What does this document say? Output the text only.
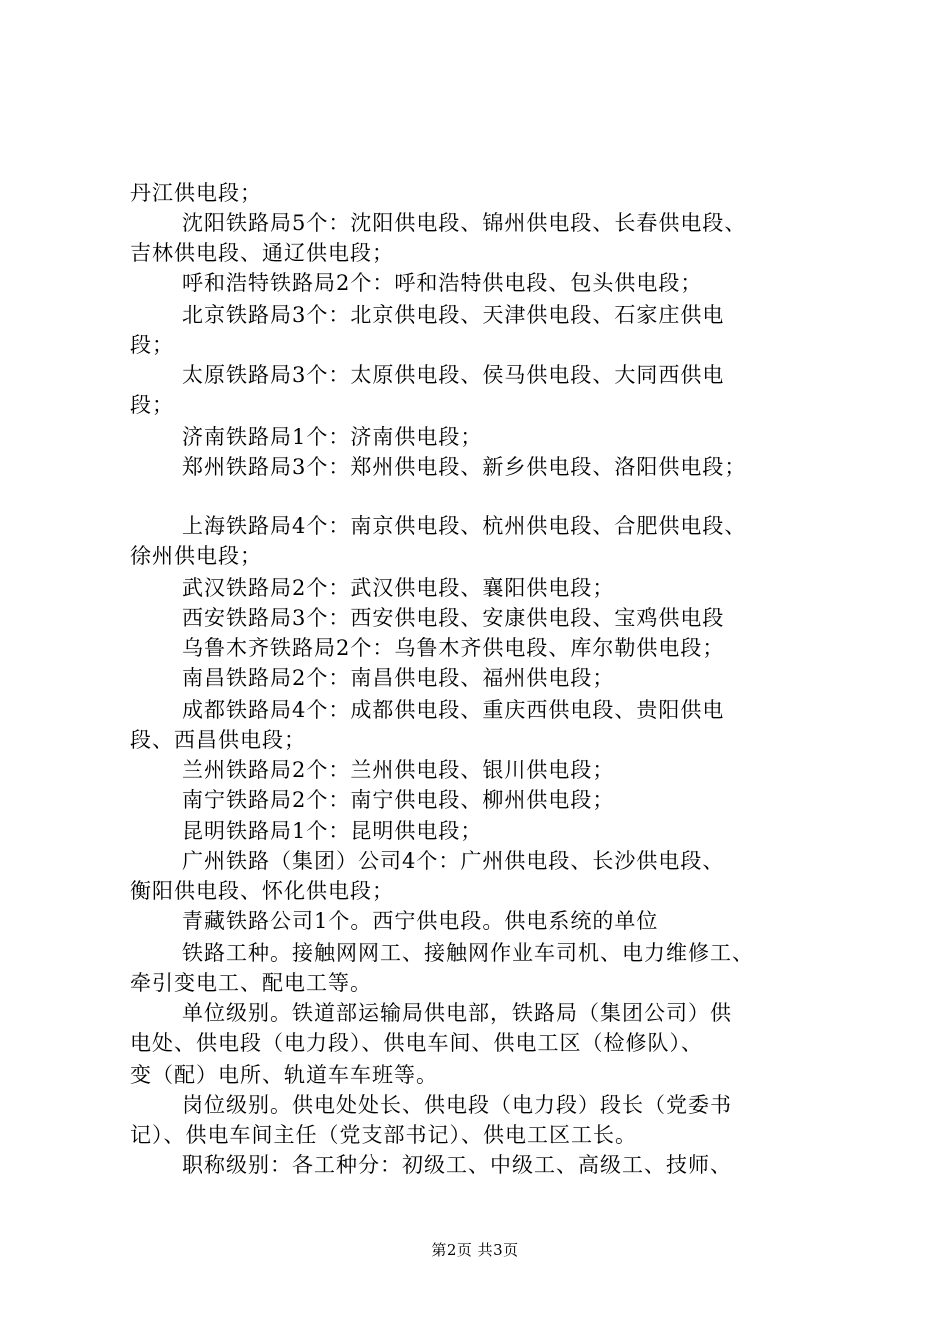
丹江供电段；
沈阳铁路局5个：沈阳供电段、锦州供电段、长春供电段、
吉林供电段、通辽供电段；
呼和浩特铁路局2个：呼和浩特供电段、包头供电段；
北京铁路局3个：北京供电段、天津供电段、石家庄供电
段；
太原铁路局3个：太原供电段、侯马供电段、大同西供电
段；
济南铁路局1个：济南供电段；
郑州铁路局3个：郑州供电段、新乡供电段、洛阳供电段；
上海铁路局4个：南京供电段、杭州供电段、合肥供电段、
徐州供电段；
武汉铁路局2个：武汉供电段、襄阳供电段；
西安铁路局3个：西安供电段、安康供电段、宝鸡供电段
乌鲁木齐铁路局2个：乌鲁木齐供电段、库尔勒供电段；
南昌铁路局2个：南昌供电段、福州供电段；
成都铁路局4个：成都供电段、重庆西供电段、贵阳供电
段、西昌供电段；
兰州铁路局2个：兰州供电段、银川供电段；
南宁铁路局2个：南宁供电段、柳州供电段；
昆明铁路局1个：昆明供电段；
广州铁路（集团）公司4个：广州供电段、长沙供电段、
衡阳供电段、怀化供电段；
青藏铁路公司1个。西宁供电段。供电系统的单位
铁路工种。接触网网工、接触网作业车司机、电力维修工、
牵引变电工、配电工等。
单位级别。铁道部运输局供电部，铁路局（集团公司）供
电处、供电段（电力段）、供电车间、供电工区（检修队）、
变（配）电所、轨道车车班等。
岗位级别。供电处处长、供电段（电力段）段长（党委书
记）、供电车间主任（党支部书记）、供电工区工长。
职称级别：各工种分：初级工、中级工、高级工、技师、
第2页 共3页
